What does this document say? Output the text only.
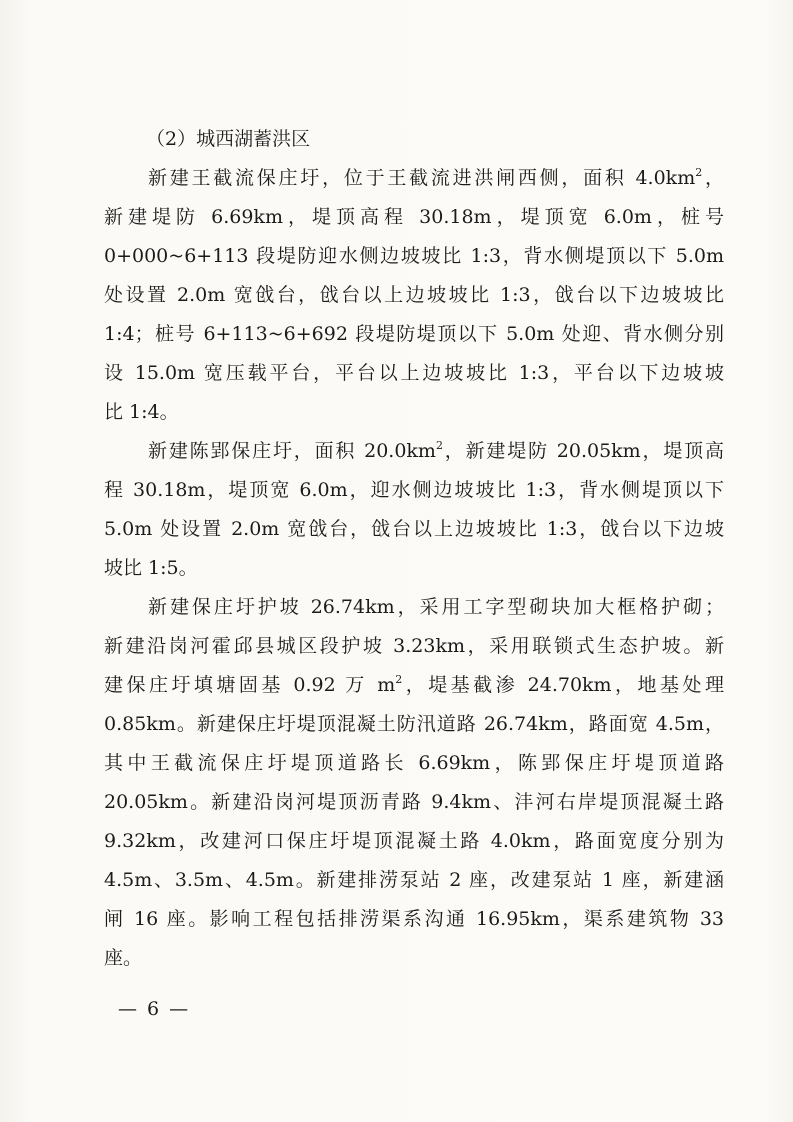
（2）城西湖蓄洪区

新建王截流保庄圩，位于王截流进洪闸西侧，面积 $4.0km^2$，
新建堤防 6.69km，堤顶高程 30.18m，堤顶宽 6.0m，桩号
0+000~6+113 段堤防迎水侧边坡坡比 1:3，背水侧堤顶以下 5.0m
处设置 2.0m 宽戗台，戗台以上边坡坡比 1:3，戗台以下边坡坡比
1:4；桩号 6+113~6+692 段堤防堤顶以下 5.0m 处迎、背水侧分别
设 15.0m 宽压载平台，平台以上边坡坡比 1:3，平台以下边坡坡
比 1:4。
新建陈郢保庄圩，面积 $20.0km^2$，新建堤防 20.05km，堤顶高
程 30.18m，堤顶宽 6.0m，迎水侧边坡坡比 1:3，背水侧堤顶以下
5.0m 处设置 2.0m 宽戗台，戗台以上边坡坡比 1:3，戗台以下边坡
坡比 1:5。
新建保庄圩护坡 26.74km，采用工字型砌块加大框格护砌；
新建沿岗河霍邱县城区段护坡 3.23km，采用联锁式生态护坡。新
建保庄圩填塘固基 0.92 万 $m^2$，堤基截渗 24.70km，地基处理
0.85km。新建保庄圩堤顶混凝土防汛道路 26.74km，路面宽 4.5m，
其中王截流保庄圩堤顶道路长 6.69km，陈郢保庄圩堤顶道路
20.05km。新建沿岗河堤顶沥青路 9.4km、沣河右岸堤顶混凝土路
9.32km，改建河口保庄圩堤顶混凝土路 4.0km，路面宽度分别为
4.5m、3.5m、4.5m。新建排涝泵站 2 座，改建泵站 1 座，新建涵
闸 16 座。影响工程包括排涝渠系沟通 16.95km，渠系建筑物 33
座。
— 6 —
